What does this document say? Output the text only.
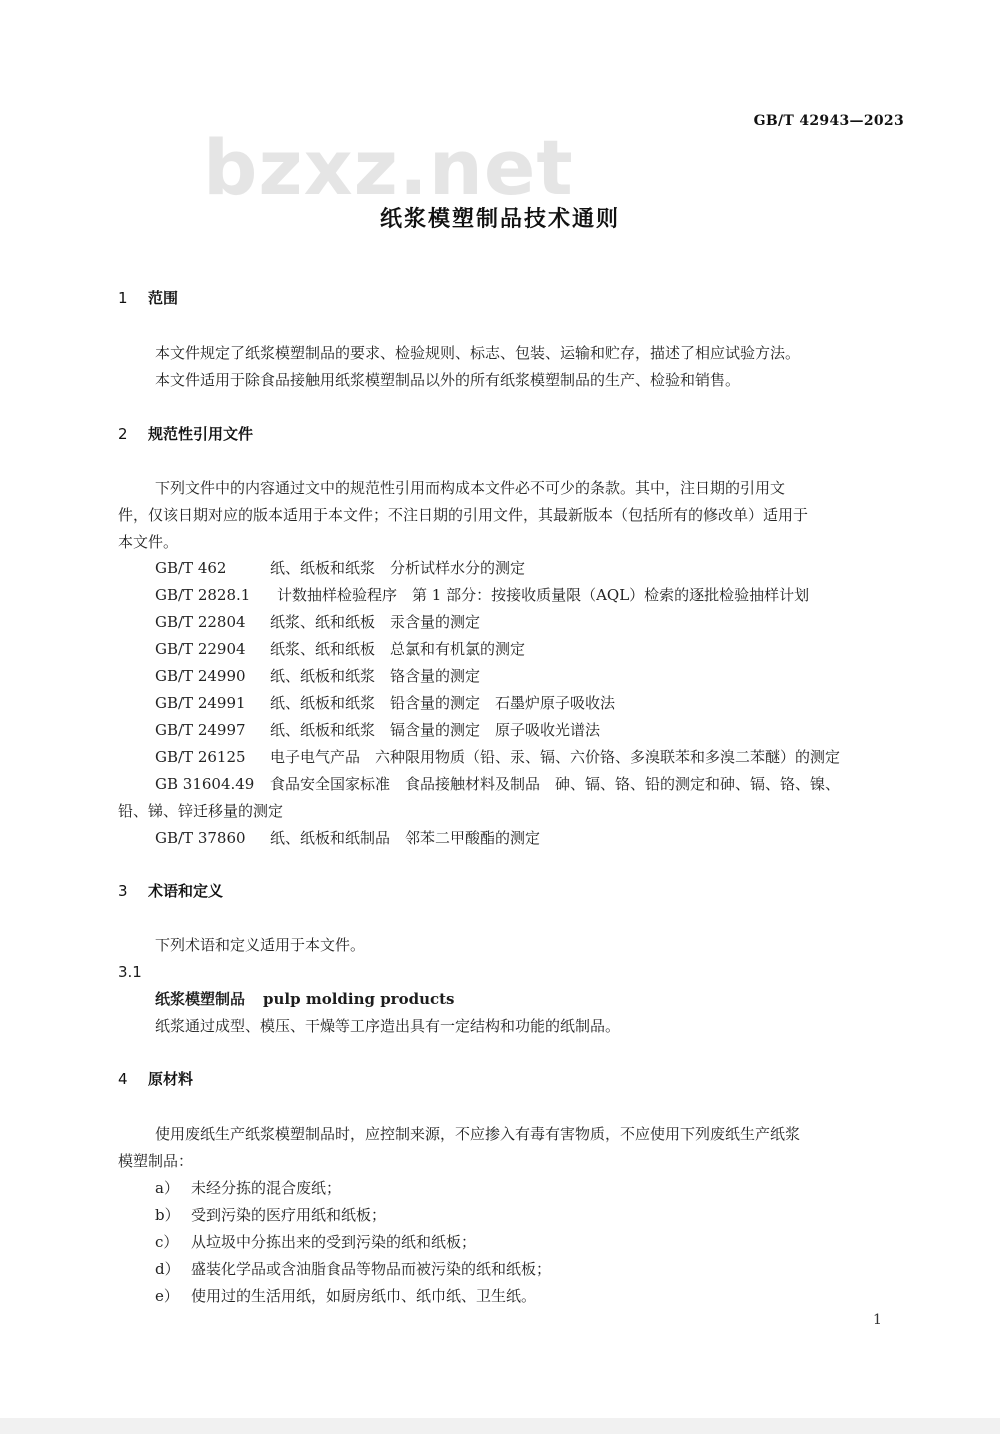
GB/T 42943—2023
bzxz.net
纸浆模塑制品技术通则
1 范围
本文件规定了纸浆模塑制品的要求、检验规则、标志、包装、运输和贮存，描述了相应试验方法。
本文件适用于除食品接触用纸浆模塑制品以外的所有纸浆模塑制品的生产、检验和销售。
2 规范性引用文件
下列文件中的内容通过文中的规范性引用而构成本文件必不可少的条款。其中，注日期的引用文
件，仅该日期对应的版本适用于本文件；不注日期的引用文件，其最新版本（包括所有的修改单）适用于
本文件。
GB/T 462	纸、纸板和纸浆　分析试样水分的测定
GB/T 2828.1 计数抽样检验程序　第 1 部分：按接收质量限（AQL）检索的逐批检验抽样计划
GB/T 22804 纸浆、纸和纸板　汞含量的测定
GB/T 22904 纸浆、纸和纸板　总氯和有机氯的测定
GB/T 24990 纸、纸板和纸浆　铬含量的测定
GB/T 24991 纸、纸板和纸浆　铅含量的测定　石墨炉原子吸收法
GB/T 24997 纸、纸板和纸浆　镉含量的测定　原子吸收光谱法
GB/T 26125 电子电气产品　六种限用物质（铅、汞、镉、六价铬、多溴联苯和多溴二苯醚）的测定
GB 31604.49 食品安全国家标准　食品接触材料及制品　砷、镉、铬、铅的测定和砷、镉、铬、镍、
铅、锑、锌迁移量的测定
GB/T 37860 纸、纸板和纸制品　邻苯二甲酸酯的测定
3 术语和定义
下列术语和定义适用于本文件。
3.1
纸浆模塑制品 pulp molding products
纸浆通过成型、模压、干燥等工序造出具有一定结构和功能的纸制品。
4 原材料
使用废纸生产纸浆模塑制品时，应控制来源，不应掺入有毒有害物质，不应使用下列废纸生产纸浆
模塑制品：
a） 未经分拣的混合废纸；
b） 受到污染的医疗用纸和纸板；
c） 从垃圾中分拣出来的受到污染的纸和纸板；
d） 盛装化学品或含油脂食品等物品而被污染的纸和纸板；
e） 使用过的生活用纸，如厨房纸巾、纸巾纸、卫生纸。
1
